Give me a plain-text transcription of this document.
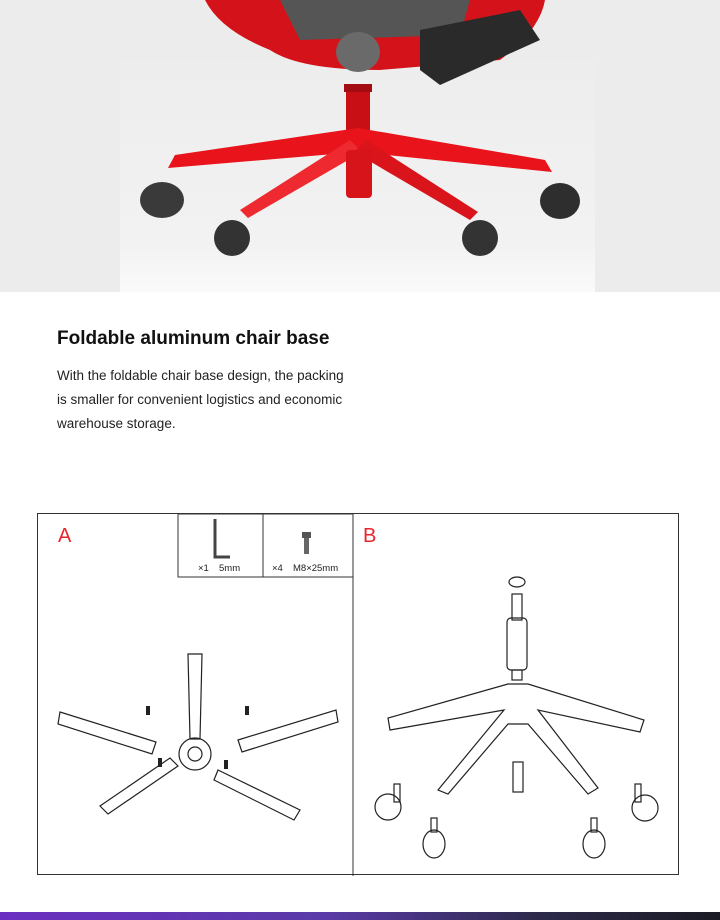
Foldable aluminum chair base

With the foldable chair base design, the packing is smaller for convenient logistics and economic warehouse storage.

×1 5mm	×4 M8×25mm
A	B
